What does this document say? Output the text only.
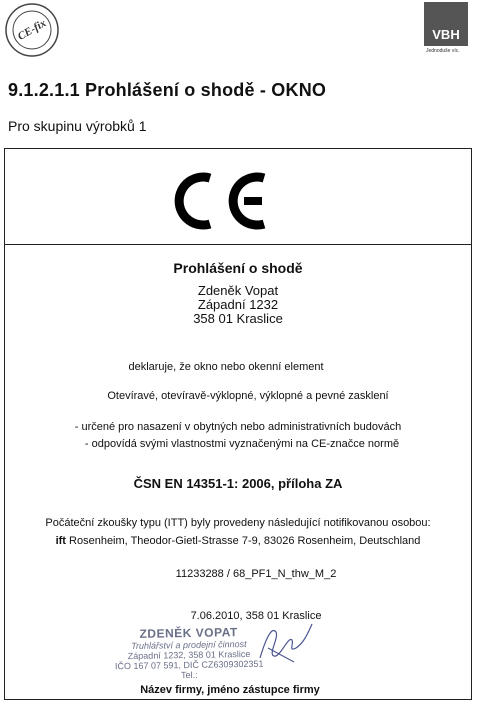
CE-fix	VBH
Jednoduše víc.
9.1.2.1.1 Prohlášení o shodě - OKNO
Pro skupinu výrobků 1
Prohlášení o shodě
Zdeněk Vopat
Západní 1232
358 01 Kraslice
deklaruje, že okno nebo okenní element
Otevíravé, otevíravě-výklopné, výklopné a pevné zasklení
- určené pro nasazení v obytných nebo administrativních budovách
- odpovídá svými vlastnostmi vyznačenými na CE-značce normě
ČSN EN 14351-1: 2006, příloha ZA
Počáteční zkoušky typu (ITT) byly provedeny následující notifikovanou osobou:
ift Rosenheim, Theodor-Gietl-Strasse 7-9, 83026 Rosenheim, Deutschland
11233288 / 68_PF1_N_thw_M_2
7.06.2010, 358 01 Kraslice
ZDENĚK VOPAT
Truhlářství a prodejní činnost
Západní 1232, 358 01 Kraslice
IČO 167 07 591, DIČ CZ6309302351
Tel.:
Název firmy, jméno zástupce firmy
